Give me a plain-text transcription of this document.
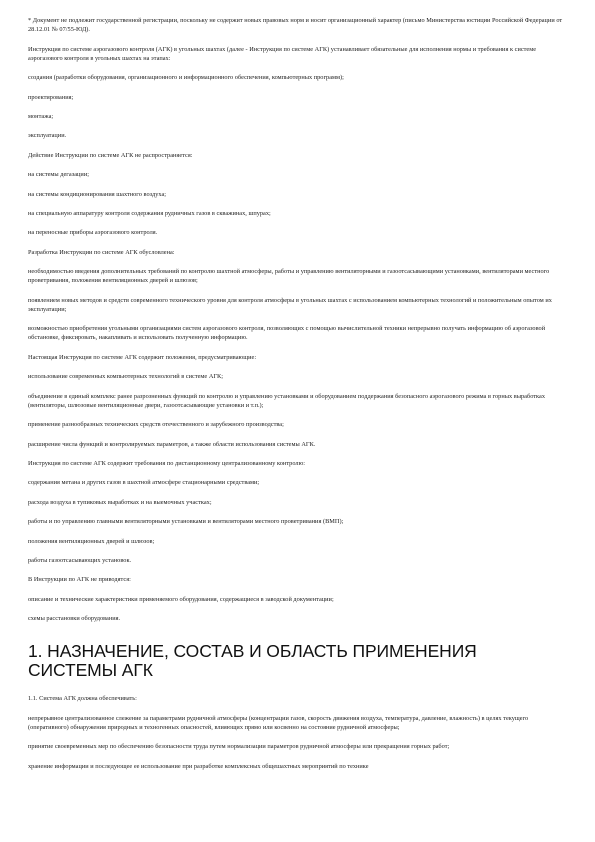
* Документ не подлежит государственной регистрации, поскольку не содержит новых правовых норм и носит организационный характер (письмо Министерства юстиции Российской Федерации от 28.12.01 № 07/55-ЮД).

Инструкция по системе аэрогазового контроля (АГК) в угольных шахтах (далее - Инструкция по системе АГК) устанавливает обязательные для исполнения нормы и требования к системе аэрогазового контроля в угольных шахтах на этапах:

создания (разработки оборудования, организационного и информационного обеспечения, компьютерных программ);

проектирования;

монтажа;

эксплуатации.

Действие Инструкции по системе АГК не распространяется:

на системы дегазации;

на системы кондиционирования шахтного воздуха;

на специальную аппаратуру контроля содержания рудничных газов в скважинах, шпурах;

на переносные приборы аэрогазового контроля.

Разработка Инструкции по системе АГК обусловлена:

необходимостью введения дополнительных требований по контролю шахтной атмосферы, работы и управлению вентиляторными и газоотсасывающими установками, вентиляторами местного проветривания, положения вентиляционных дверей и шлюзов;

появлением новых методов и средств современного технического уровня для контроля атмосферы в угольных шахтах с использованием компьютерных технологий и положительным опытом их эксплуатации;

возможностью приобретения угольными организациями систем аэрогазового контроля, позволяющих с помощью вычислительной техники непрерывно получать информацию об аэрогазовой обстановке, фиксировать, накапливать и использовать полученную информацию.

Настоящая Инструкция по системе АГК содержит положения, предусматривающие:

использование современных компьютерных технологий в системе АГК;

объединение в единый комплекс ранее разрозненных функций по контролю и управлению установками и оборудованием поддержания безопасного аэрогазового режима в горных выработках (вентиляторы, шлюзовые вентиляционные двери, газоотсасывающие установки и т.п.);

применение разнообразных технических средств отечественного и зарубежного производства;

расширение числа функций и контролируемых параметров, а также области использования системы АГК.

Инструкция по системе АГК содержит требования по дистанционному централизованному контролю:

содержания метана и других газов в шахтной атмосфере стационарными средствами;

расхода воздуха в тупиковых выработках и на выемочных участках;

работы и по управлению главными вентиляторными установками и вентиляторами местного проветривания (ВМП);

положения вентиляционных дверей и шлюзов;

работы газоотсасывающих установок.

В Инструкции по АГК не приводятся:

описание и технические характеристики применяемого оборудования, содержащиеся в заводской документации;

схемы расстановки оборудования.

1. НАЗНАЧЕНИЕ, СОСТАВ И ОБЛАСТЬ ПРИМЕНЕНИЯ СИСТЕМЫ АГК

1.1. Система АГК должна обеспечивать:

непрерывное централизованное слежение за параметрами рудничной атмосферы (концентрации газов, скорость движения воздуха, температура, давление, влажность) в целях текущего (оперативного) обнаружения природных и техногенных опасностей, влияющих прямо или косвенно на состояние рудничной атмосферы;

принятие своевременных мер по обеспечению безопасности труда путем нормализации параметров рудничной атмосферы или прекращения горных работ;

хранение информации и последующее ее использование при разработке комплексных общешахтных мероприятий по технике
